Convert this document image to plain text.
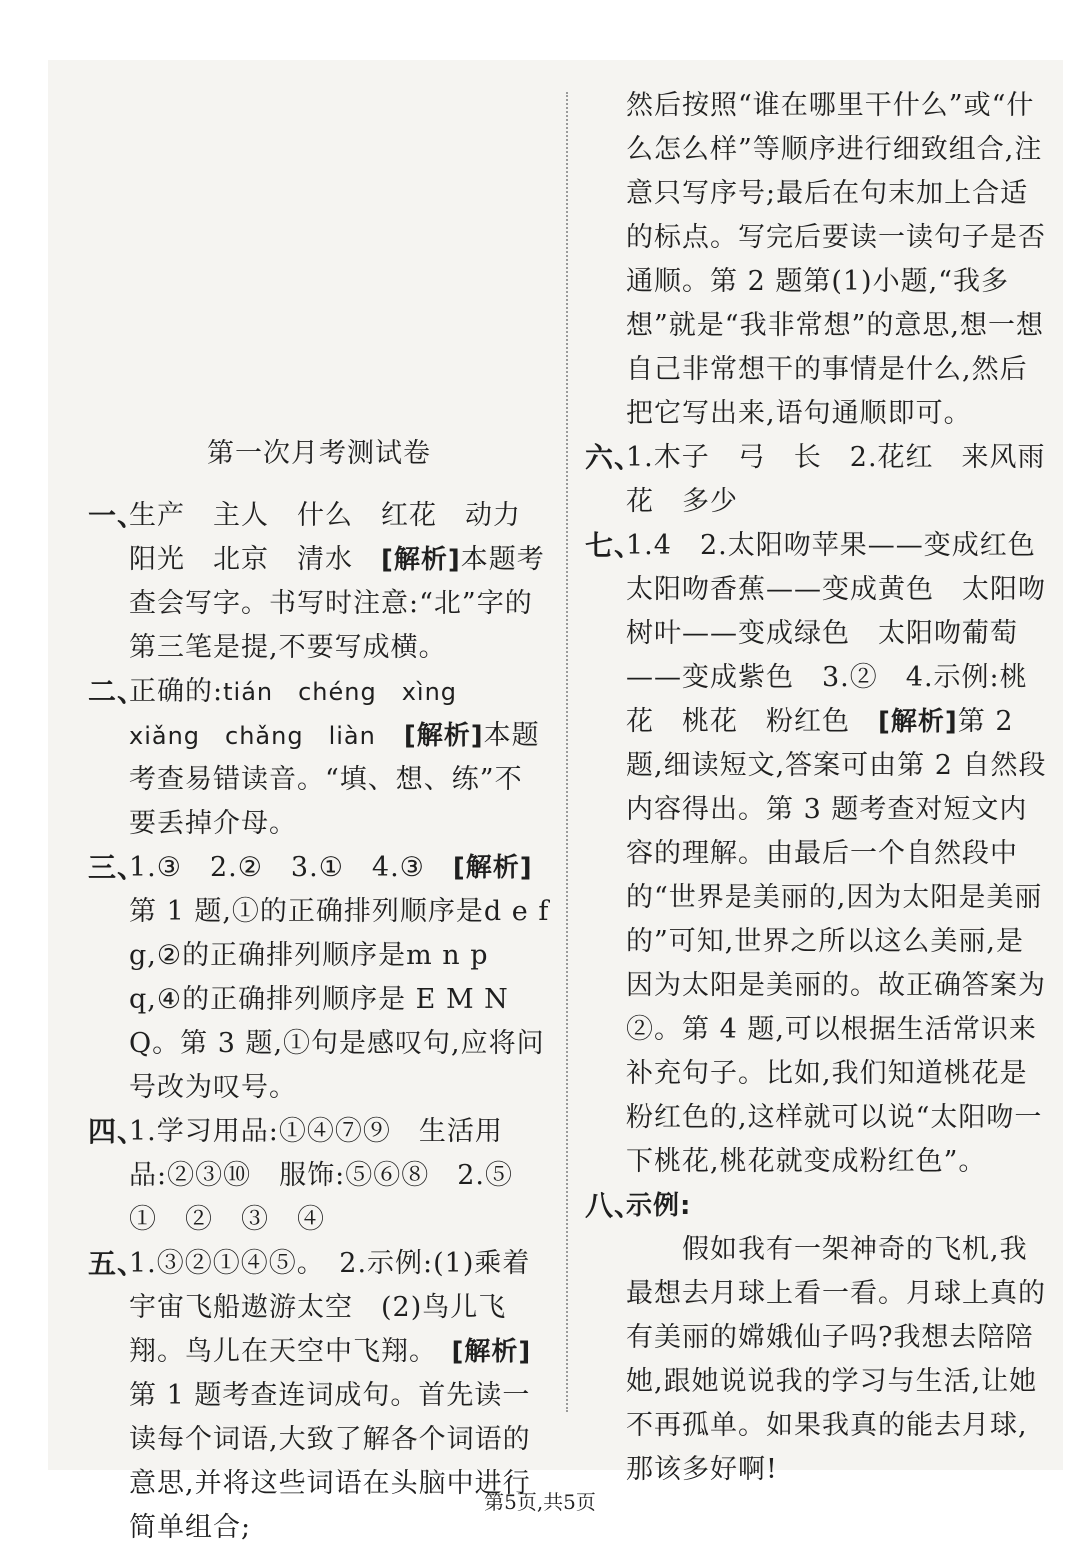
第一次月考测试卷
一、
生产　主人　什么　红花　动力　阳光　北京　清水　[解析]本题考查会写字。书写时注意:“北”字的第三笔是提,不要写成横。
二、
正确的:tián　chéng　xìng　xiǎng　chǎng　liàn　 [解析]本题考查易错读音。“填、想、练”不要丢掉介母。
三、
1.③　2.②　3.①　4.③　[解析]第 1 题,①的正确排列顺序是d e f g,②的正确排列顺序是m n p q,④的正确排列顺序是 E M N Q。第 3 题,①句是感叹句,应将问号改为叹号。
四、
1.学习用品:①④⑦⑨　生活用品:②③⑩　服饰:⑤⑥⑧　2.⑤　①　②　③　④
五、
1.③②①④⑤。　2.示例:(1)乘着宇宙飞船遨游太空　(2)鸟儿飞翔。鸟儿在天空中飞翔。　[解析]第 1 题考查连词成句。首先读一读每个词语,大致了解各个词语的意思,并将这些词语在头脑中进行简单组合;
然后按照“谁在哪里干什么”或“什么怎么样”等顺序进行细致组合,注意只写序号;最后在句末加上合适的标点。写完后要读一读句子是否通顺。第 2 题第(1)小题,“我多想”就是“我非常想”的意思,想一想自己非常想干的事情是什么,然后把它写出来,语句通顺即可。
六、
1.木子　弓　长　2.花红　来风雨　花　多少
七、
1.4　2.太阳吻苹果——变成红色　太阳吻香蕉——变成黄色　太阳吻树叶——变成绿色　太阳吻葡萄——变成紫色　3.②　4.示例:桃花　桃花　粉红色　[解析]第 2 题,细读短文,答案可由第 2 自然段内容得出。第 3 题考查对短文内容的理解。由最后一个自然段中的“世界是美丽的,因为太阳是美丽的”可知,世界之所以这么美丽,是因为太阳是美丽的。故正确答案为②。第 4 题,可以根据生活常识来补充句子。比如,我们知道桃花是粉红色的,这样就可以说“太阳吻一下桃花,桃花就变成粉红色”。
八、
示例:
假如我有一架神奇的飞机,我最想去月球上看一看。月球上真的有美丽的嫦娥仙子吗?我想去陪陪她,跟她说说我的学习与生活,让她不再孤单。如果我真的能去月球,那该多好啊!
第5页,共5页
